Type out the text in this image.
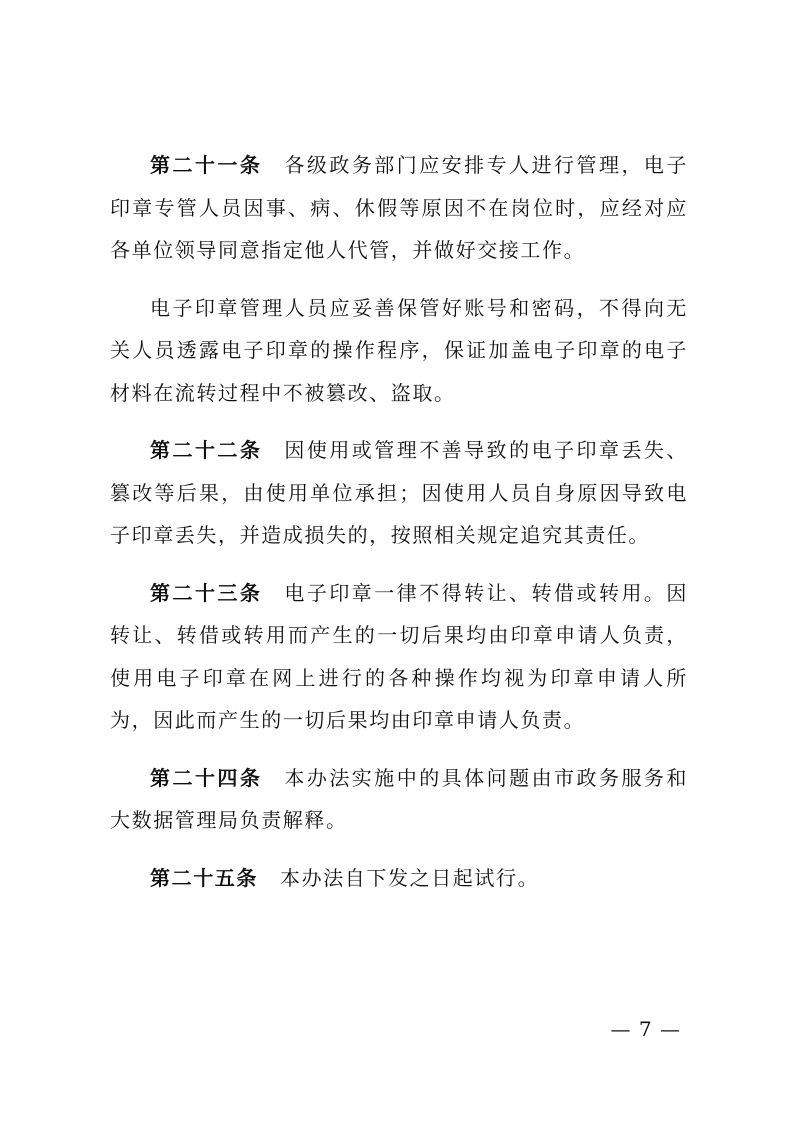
第二十一条 各级政务部门应安排专人进行管理，电子印章专管人员因事、病、休假等原因不在岗位时，应经对应各单位领导同意指定他人代管，并做好交接工作。

电子印章管理人员应妥善保管好账号和密码，不得向无关人员透露电子印章的操作程序，保证加盖电子印章的电子材料在流转过程中不被篡改、盗取。

第二十二条 因使用或管理不善导致的电子印章丢失、篡改等后果，由使用单位承担；因使用人员自身原因导致电子印章丢失，并造成损失的，按照相关规定追究其责任。

第二十三条 电子印章一律不得转让、转借或转用。因转让、转借或转用而产生的一切后果均由印章申请人负责，使用电子印章在网上进行的各种操作均视为印章申请人所为，因此而产生的一切后果均由印章申请人负责。

第二十四条 本办法实施中的具体问题由市政务服务和大数据管理局负责解释。

第二十五条 本办法自下发之日起试行。

— 7 —
